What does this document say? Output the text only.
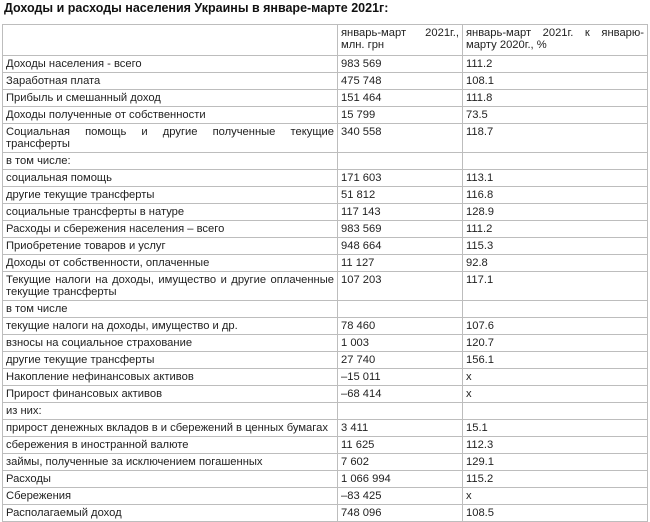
Доходы и расходы населения Украины в январе-марте 2021г:
	январь-март 2021г., млн. грн	январь-март 2021г. к январю-марту 2020г., %
Доходы населения - всего	983 569	111.2
Заработная плата	475 748	108.1
Прибыль и смешанный доход	151 464	111.8
Доходы полученные от собственности	15 799	73.5
Социальная помощь и другие полученные текущие трансферты	340 558	118.7
в том числе:		
социальная помощь	171 603	113.1
другие текущие трансферты	51 812	116.8
социальные трансферты в натуре	117 143	128.9
Расходы и сбережения населения – всего	983 569	111.2
Приобретение товаров и услуг	948 664	115.3
Доходы от собственности, оплаченные	11 127	92.8
Текущие налоги на доходы, имущество и другие оплаченные текущие трансферты	107 203	117.1
в том числе		
текущие налоги на доходы, имущество и др.	78 460	107.6
взносы на социальное страхование	1 003	120.7
другие текущие трансферты	27 740	156.1
Накопление нефинансовых активов	–15 011	х
Прирост финансовых активов	–68 414	х
из них:		
прирост денежных вкладов в и сбережений в ценных бумагах	3 411	15.1
сбережения в иностранной валюте	11 625	112.3
займы, полученные за исключением погашенных	7 602	129.1
Расходы	1 066 994	115.2
Сбережения	–83 425	х
Располагаемый доход	748 096	108.5
